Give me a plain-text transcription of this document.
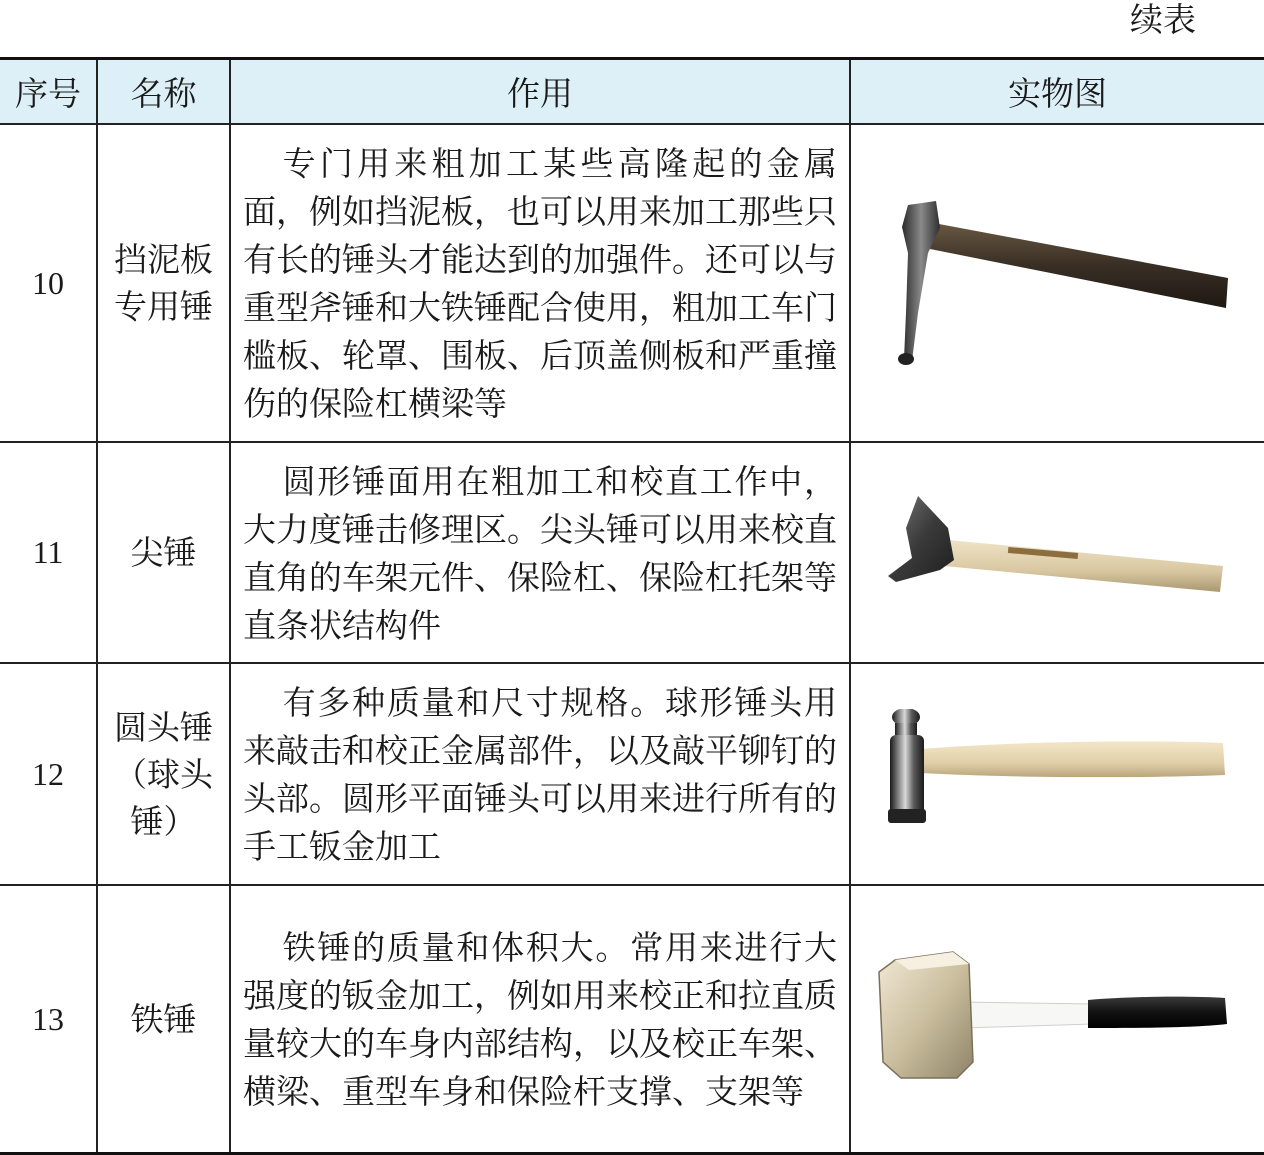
续表
序号	名称	作用	实物图
10	挡泥板专用锤	专门用来粗加工某些高隆起的金属面，例如挡泥板，也可以用来加工那些只有长的锤头才能达到的加强件。还可以与重型斧锤和大铁锤配合使用，粗加工车门槛板、轮罩、围板、后顶盖侧板和严重撞伤的保险杠横梁等	

11	尖锤	圆形锤面用在粗加工和校直工作中，大力度锤击修理区。尖头锤可以用来校直直角的车架元件、保险杠、保险杠托架等直条状结构件	

12	圆头锤（球头锤）	有多种质量和尺寸规格。球形锤头用来敲击和校正金属部件，以及敲平铆钉的头部。圆形平面锤头可以用来进行所有的手工钣金加工	

13	铁锤	铁锤的质量和体积大。常用来进行大强度的钣金加工，例如用来校正和拉直质量较大的车身内部结构，以及校正车架、横梁、重型车身和保险杆支撑、支架等	
